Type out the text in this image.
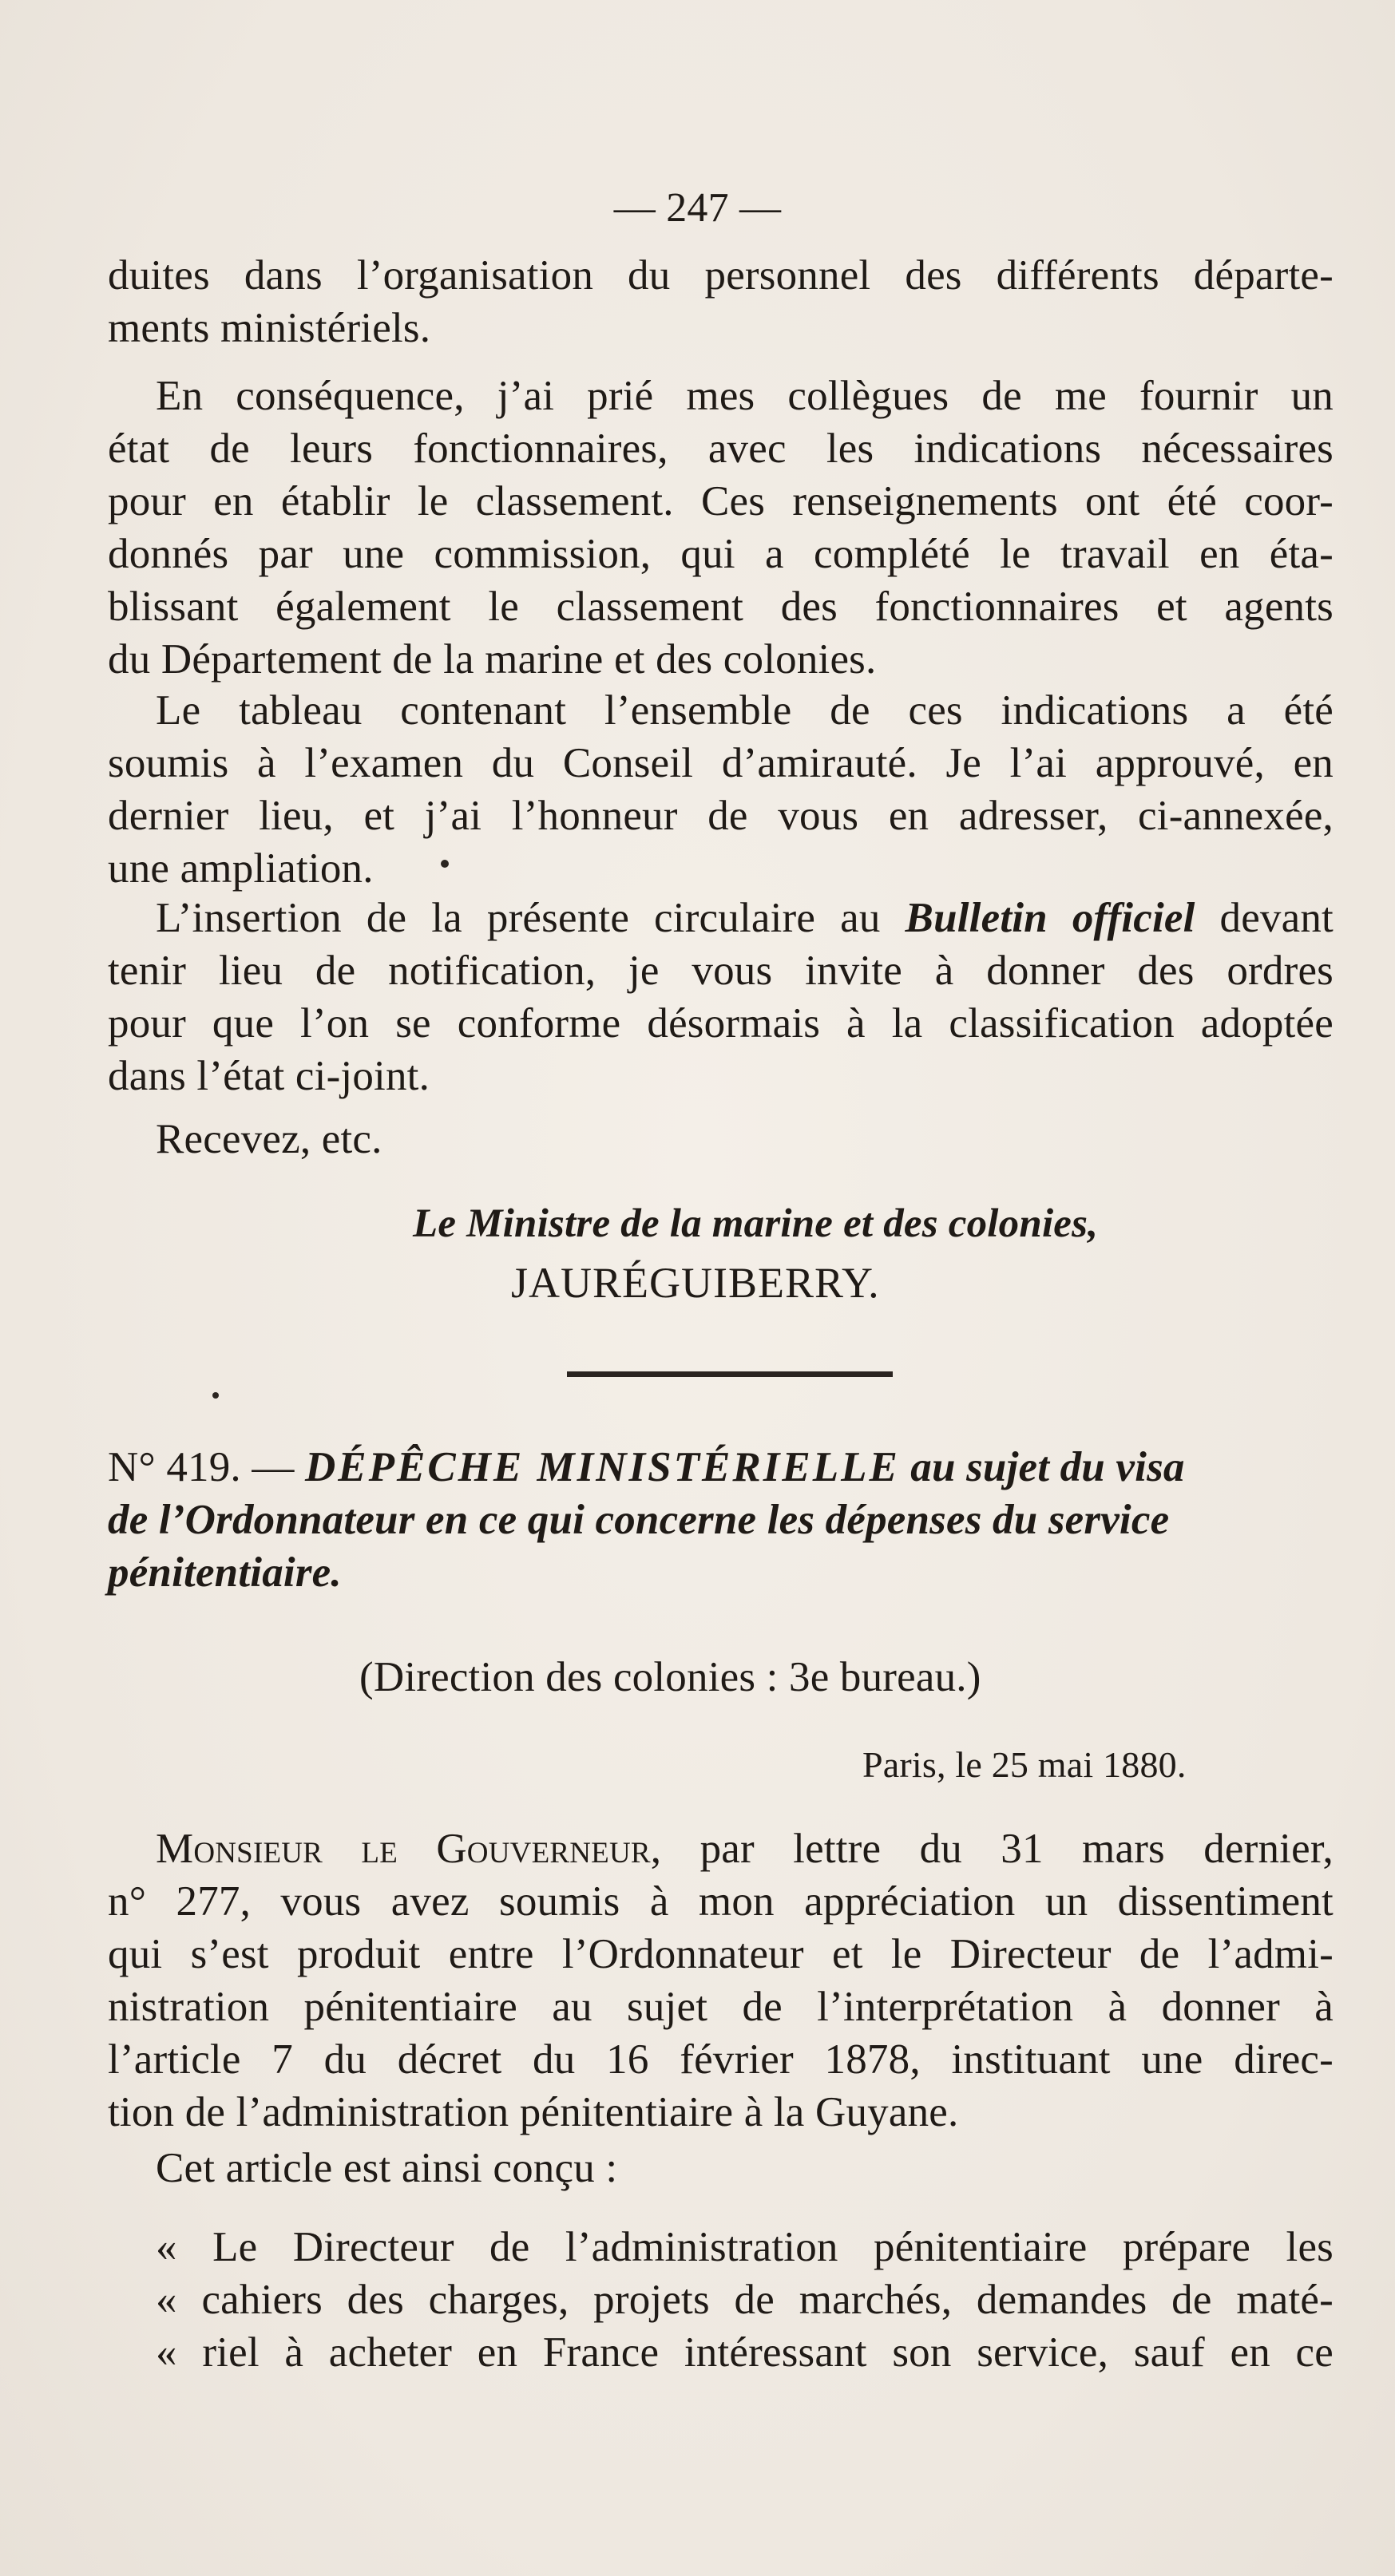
— 247 —
duites dans l’organisation du personnel des différents départe-
ments ministériels.
En conséquence, j’ai prié mes collègues de me fournir un
état de leurs fonctionnaires, avec les indications nécessaires
pour en établir le classement. Ces renseignements ont été coor-
donnés par une commission, qui a complété le travail en éta-
blissant également le classement des fonctionnaires et agents
du Département de la marine et des colonies.
Le tableau contenant l’ensemble de ces indications a été
soumis à l’examen du Conseil d’amirauté. Je l’ai approuvé, en
dernier lieu, et j’ai l’honneur de vous en adresser, ci-annexée,
une ampliation.
L’insertion de la présente circulaire au Bulletin officiel devant
tenir lieu de notification, je vous invite à donner des ordres
pour que l’on se conforme désormais à la classification adoptée
dans l’état ci-joint.
Recevez, etc.
Le Ministre de la marine et des colonies,
JAURÉGUIBERRY.
N° 419. — DÉPÊCHE MINISTÉRIELLE au sujet du visa
de l’Ordonnateur en ce qui concerne les dépenses du service
pénitentiaire.
(Direction des colonies : 3e bureau.)
Paris, le 25 mai 1880.
Monsieur le Gouverneur, par lettre du 31 mars dernier,
n° 277, vous avez soumis à mon appréciation un dissentiment
qui s’est produit entre l’Ordonnateur et le Directeur de l’admi-
nistration pénitentiaire au sujet de l’interprétation à donner à
l’article 7 du décret du 16 février 1878, instituant une direc-
tion de l’administration pénitentiaire à la Guyane.
Cet article est ainsi conçu :
« Le Directeur de l’administration pénitentiaire prépare les
« cahiers des charges, projets de marchés, demandes de maté-
« riel à acheter en France intéressant son service, sauf en ce
